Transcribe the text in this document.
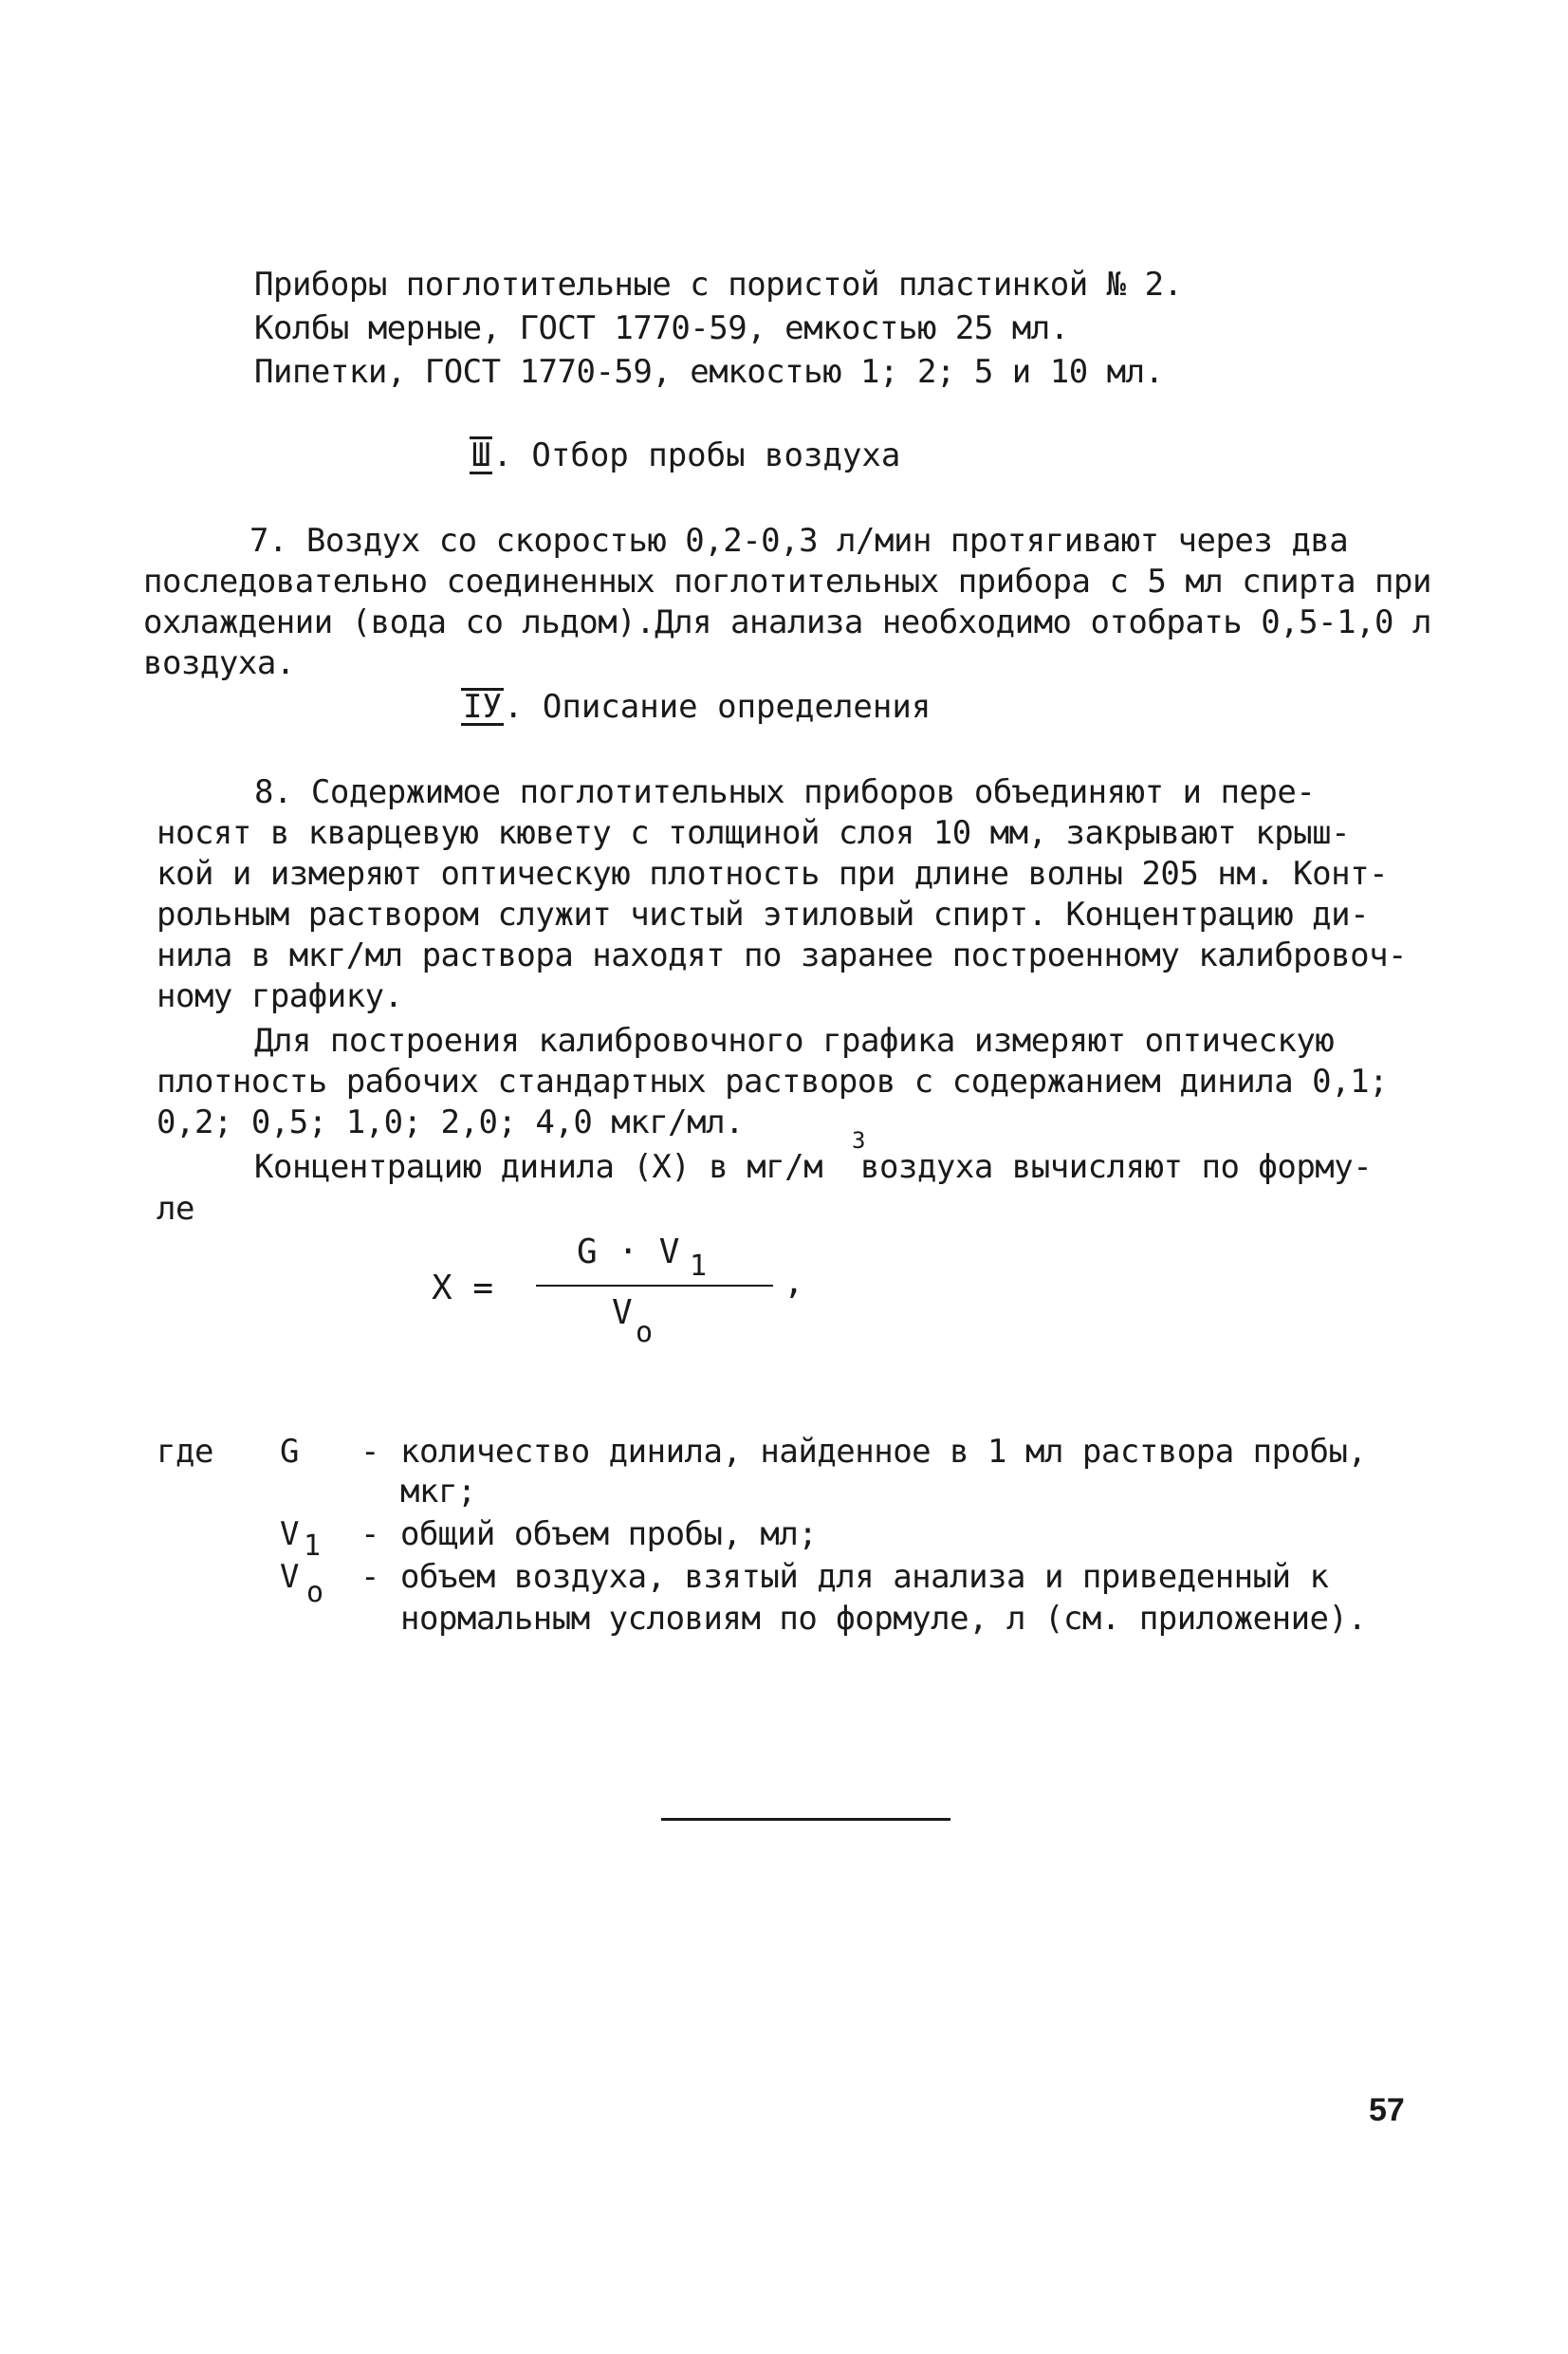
Приборы поглотительные с пористой пластинкой № 2.
Колбы мерные, ГОСТ 1770-59, емкостью 25 мл.
Пипетки, ГОСТ 1770-59, емкостью 1; 2; 5 и 10 мл.
Ш. Отбор пробы воздуха
7. Воздух со скоростью 0,2-0,3 л/мин протягивают через два
последовательно соединенных поглотительных прибора с 5 мл спирта при
охлаждении (вода со льдом).Для анализа необходимо отобрать 0,5-1,0 л
воздуха.
IУ. Описание определения
8. Содержимое поглотительных приборов объединяют и пере-
носят в кварцевую кювету с толщиной слоя 10 мм, закрывают крыш-
кой и измеряют оптическую плотность при длине волны 205 нм. Конт-
рольным раствором служит чистый этиловый спирт. Концентрацию ди-
нила в мкг/мл раствора находят по заранее построенному калибровоч-
ному графику.
Для построения калибровочного графика измеряют оптическую
плотность рабочих стандартных растворов с содержанием динила 0,1;
0,2; 0,5; 1,0; 2,0; 4,0 мкг/мл.
Концентрацию динила (X) в мг/м  воздуха вычисляют по форму-
3
ле
X =
G · V 1
V
o
,
где G - количество динила, найденное в 1 мл раствора пробы,
мкг;
V 1 - общий объем пробы, мл;
V o - объем воздуха, взятый для анализа и приведенный к
нормальным условиям по формуле, л (см. приложение).
57
